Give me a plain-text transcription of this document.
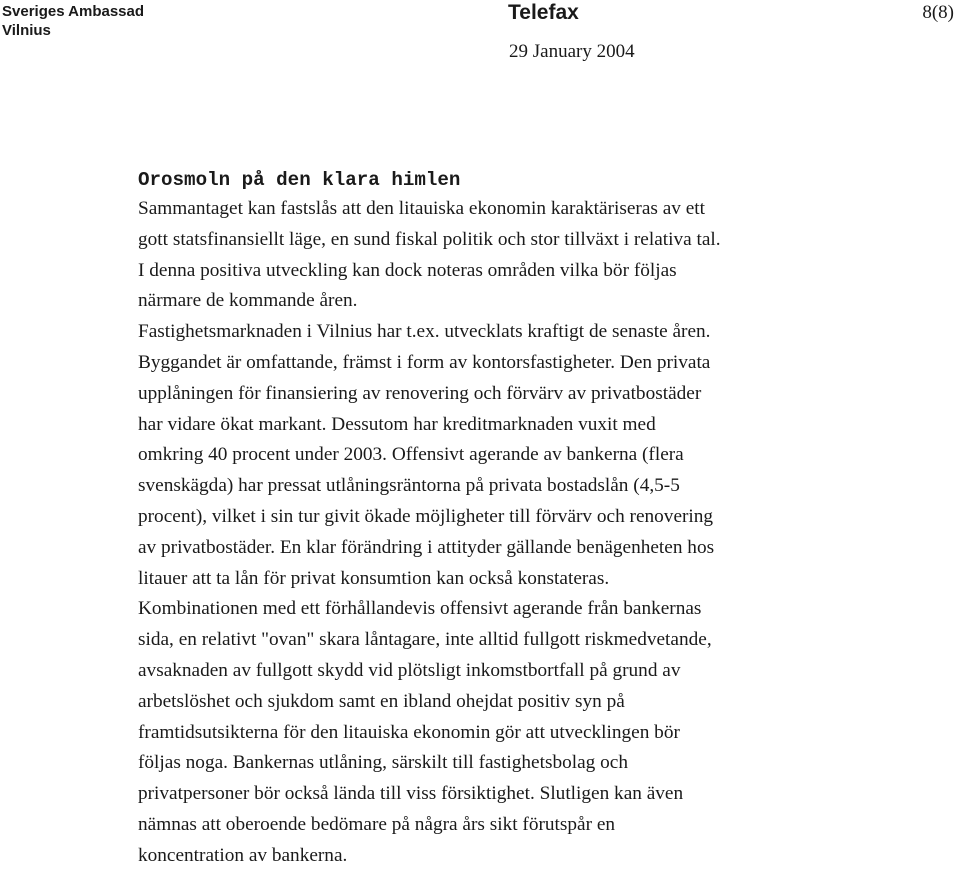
Sveriges Ambassad
Vilnius
Telefax	8(8)
29 January 2004
Orosmoln på den klara himlen
Sammantaget kan fastslås att den litauiska ekonomin karaktäriseras av ett
gott statsfinansiellt läge, en sund fiskal politik och stor tillväxt i relativa tal.
I denna positiva utveckling kan dock noteras områden vilka bör följas
närmare de kommande åren.
Fastighetsmarknaden i Vilnius har t.ex. utvecklats kraftigt de senaste åren.
Byggandet är omfattande, främst i form av kontorsfastigheter. Den privata
upplåningen för finansiering av renovering och förvärv av privatbostäder
har vidare ökat markant. Dessutom har kreditmarknaden vuxit med
omkring 40 procent under 2003. Offensivt agerande av bankerna (flera
svenskägda) har pressat utlåningsräntorna på privata bostadslån (4,5-5
procent), vilket i sin tur givit ökade möjligheter till förvärv och renovering
av privatbostäder. En klar förändring i attityder gällande benägenheten hos
litauer att ta lån för privat konsumtion kan också konstateras.
Kombinationen med ett förhållandevis offensivt agerande från bankernas
sida, en relativt "ovan" skara låntagare, inte alltid fullgott riskmedvetande,
avsaknaden av fullgott skydd vid plötsligt inkomstbortfall på grund av
arbetslöshet och sjukdom samt en ibland ohejdat positiv syn på
framtidsutsikterna för den litauiska ekonomin gör att utvecklingen bör
följas noga. Bankernas utlåning, särskilt till fastighetsbolag och
privatpersoner bör också lända till viss försiktighet. Slutligen kan även
nämnas att oberoende bedömare på några års sikt förutspår en
koncentration av bankerna.
